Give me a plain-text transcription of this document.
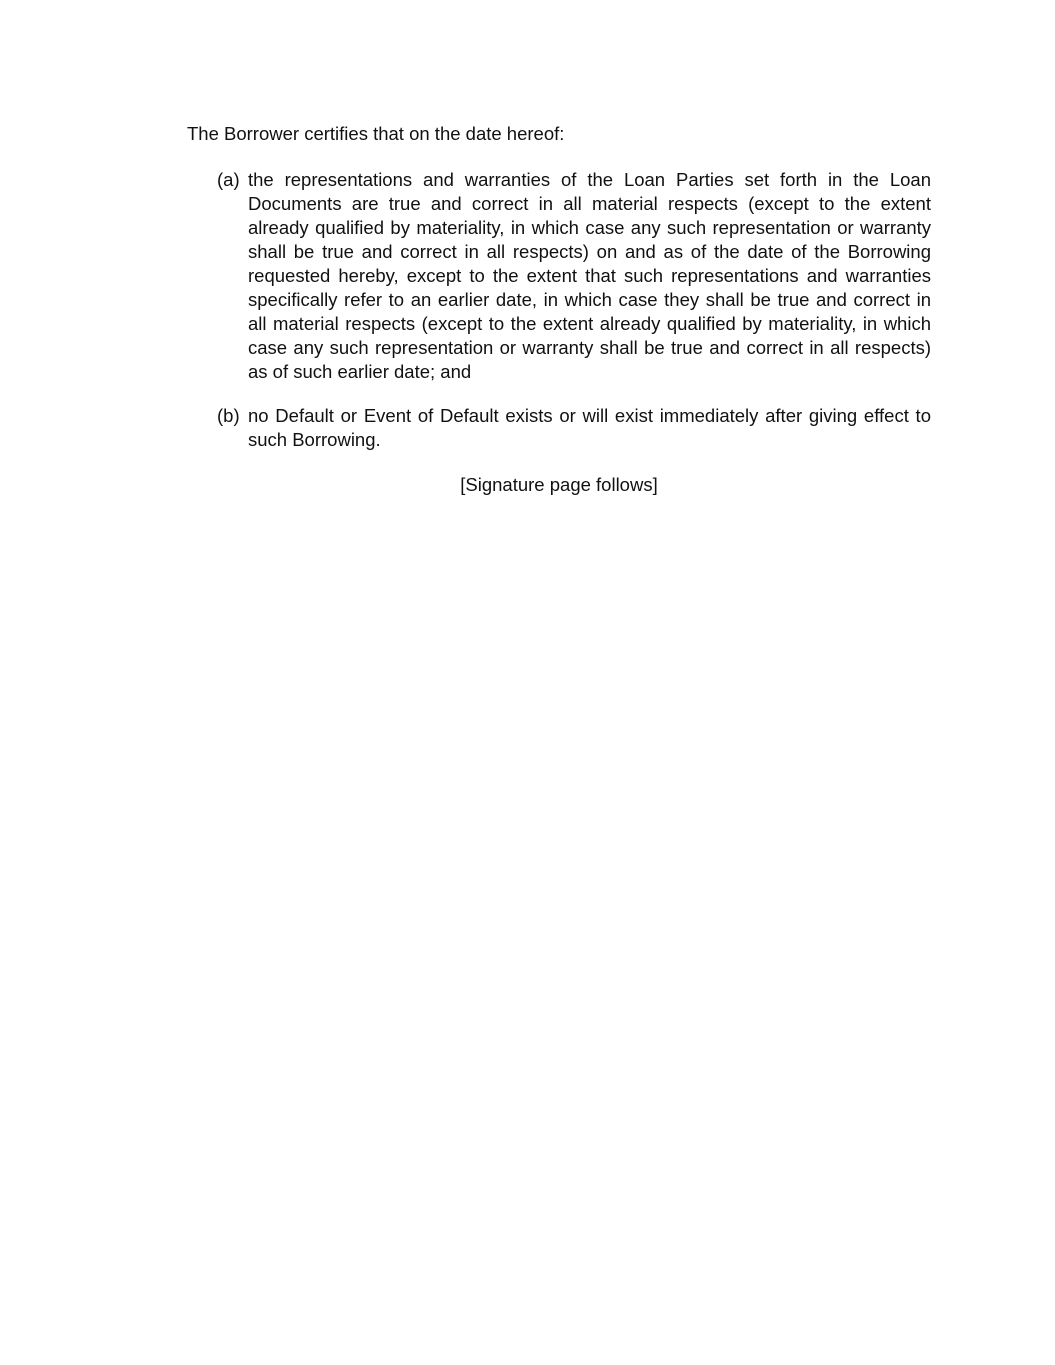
The Borrower certifies that on the date hereof:

(a) the representations and warranties of the Loan Parties set forth in the Loan Documents are true and correct in all material respects (except to the extent already qualified by materiality, in which case any such representation or warranty shall be true and correct in all respects) on and as of the date of the Borrowing requested hereby, except to the extent that such representations and warranties specifically refer to an earlier date, in which case they shall be true and correct in all material respects (except to the extent already qualified by materiality, in which case any such representation or warranty shall be true and correct in all respects) as of such earlier date; and
(b) no Default or Event of Default exists or will exist immediately after giving effect to such Borrowing.

[Signature page follows]
